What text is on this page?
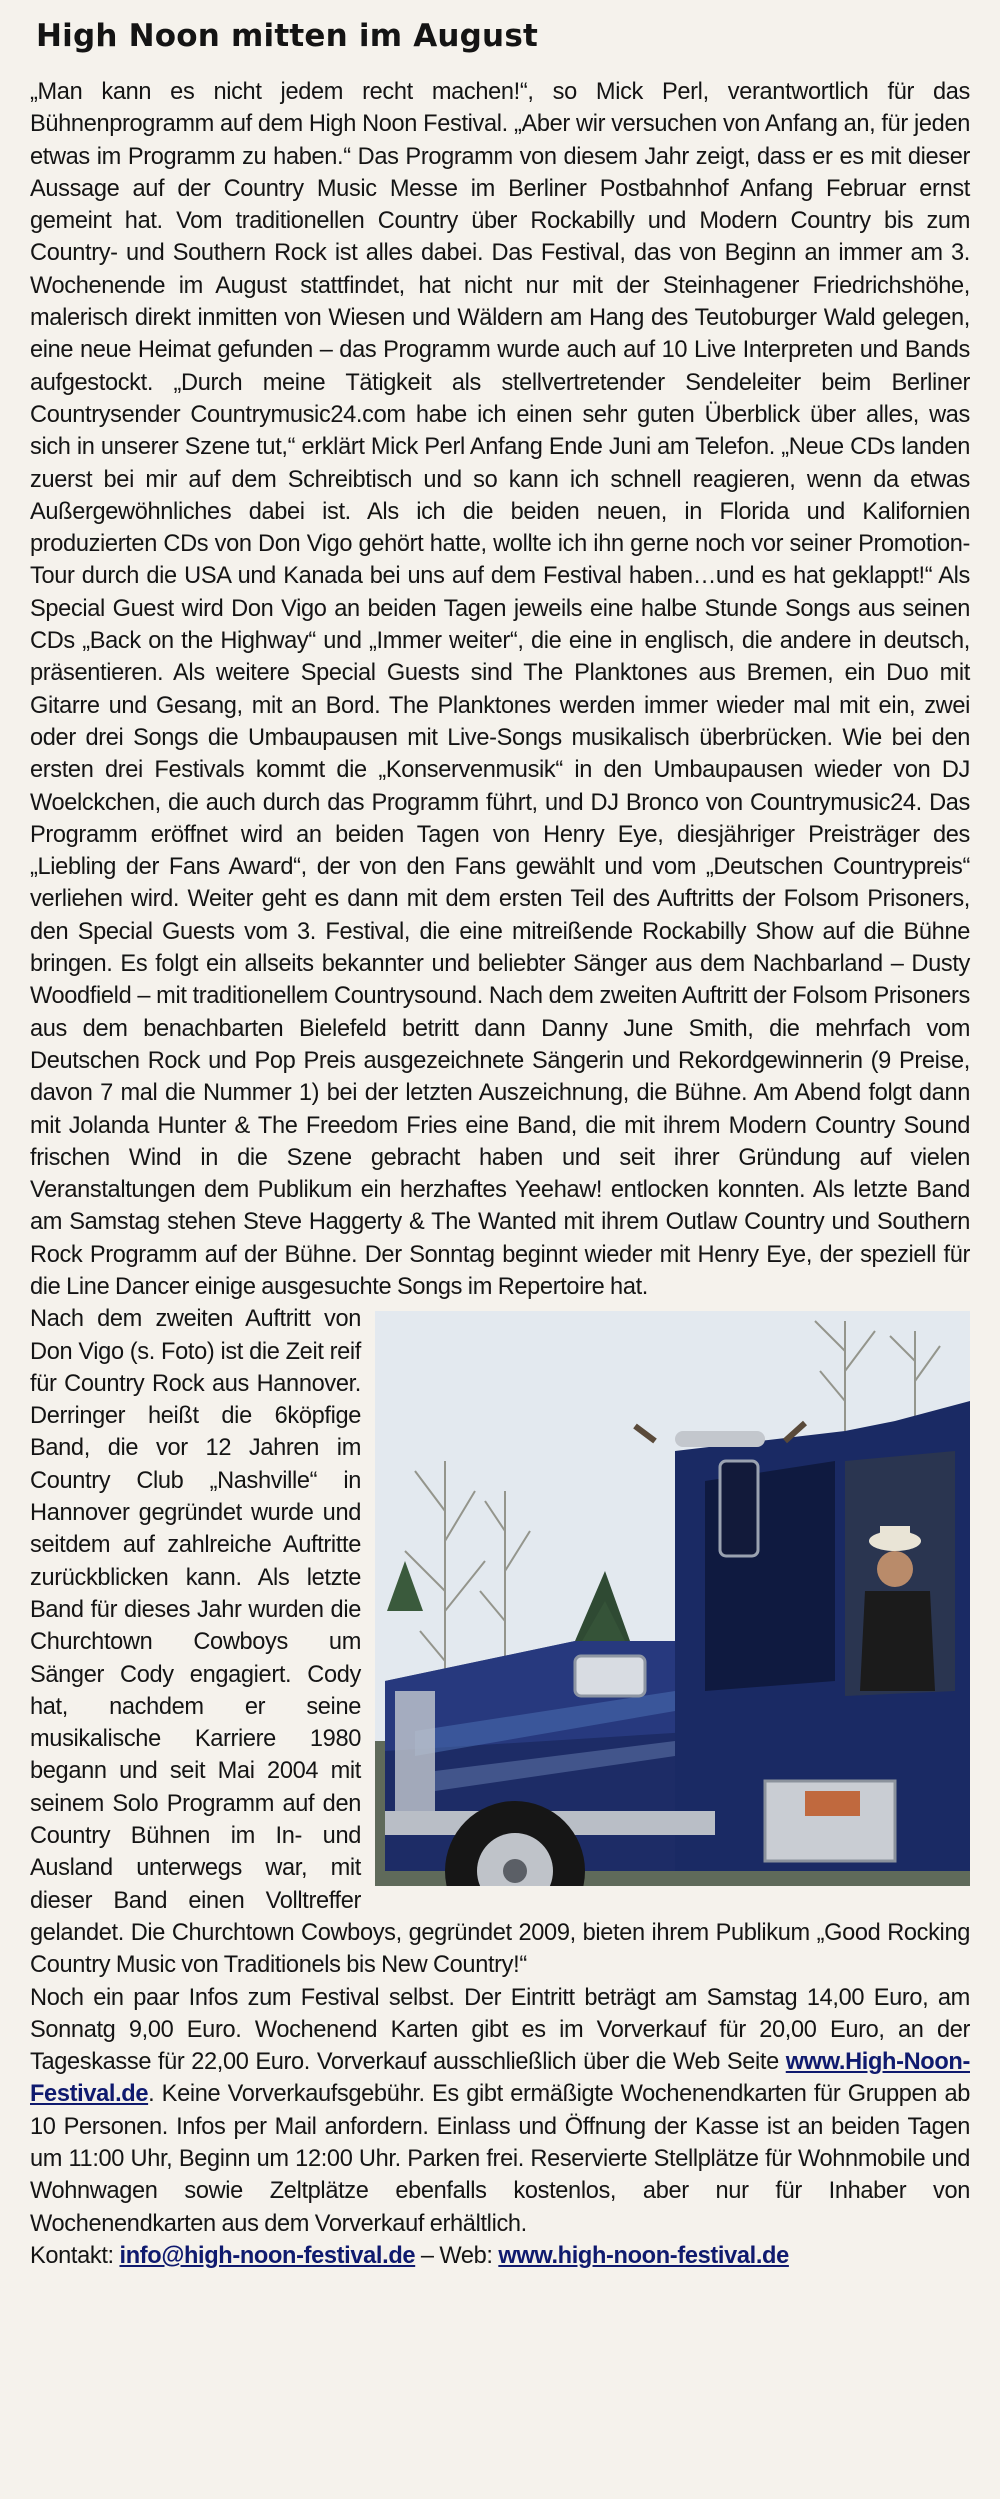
High Noon mitten im August

„Man kann es nicht jedem recht machen!“, so Mick Perl, verantwortlich für das Bühnenprogramm auf dem High Noon Festival. „Aber wir versuchen von Anfang an, für jeden etwas im Programm zu haben.“ Das Programm von diesem Jahr zeigt, dass er es mit dieser Aussage auf der Country Music Messe im Berliner Postbahnhof Anfang Februar ernst gemeint hat. Vom traditionellen Country über Rockabilly und Modern Country bis zum Country- und Southern Rock ist alles dabei. Das Festival, das von Beginn an immer am 3. Wochenende im August stattfindet, hat nicht nur mit der Steinhagener Friedrichshöhe, malerisch direkt inmitten von Wiesen und Wäldern am Hang des Teutoburger Wald gelegen, eine neue Heimat gefunden – das Programm wurde auch auf 10 Live Interpreten und Bands aufgestockt. „Durch meine Tätigkeit als stellvertretender Sendeleiter beim Berliner Countrysender Countrymusic24.com habe ich einen sehr guten Überblick über alles, was sich in unserer Szene tut,“ erklärt Mick Perl Anfang Ende Juni am Telefon. „Neue CDs landen zuerst bei mir auf dem Schreibtisch und so kann ich schnell reagieren, wenn da etwas Außergewöhnliches dabei ist. Als ich die beiden neuen, in Florida und Kalifornien produzierten CDs von Don Vigo gehört hatte, wollte ich ihn gerne noch vor seiner Promotion-Tour durch die USA und Kanada bei uns auf dem Festival haben…und es hat geklappt!“ Als Special Guest wird Don Vigo an beiden Tagen jeweils eine halbe Stunde Songs aus seinen CDs „Back on the Highway“ und „Immer weiter“, die eine in englisch, die andere in deutsch, präsentieren. Als weitere Special Guests sind The Planktones aus Bremen, ein Duo mit Gitarre und Gesang, mit an Bord. The Planktones werden immer wieder mal mit ein, zwei oder drei Songs die Umbaupausen mit Live-Songs musikalisch überbrücken. Wie bei den ersten drei Festivals kommt die „Konservenmusik“ in den Umbaupausen wieder von DJ Woelckchen, die auch durch das Programm führt, und DJ Bronco von Countrymusic24. Das Programm eröffnet wird an beiden Tagen von Henry Eye, diesjähriger Preisträger des „Liebling der Fans Award“, der von den Fans gewählt und vom „Deutschen Countrypreis“ verliehen wird. Weiter geht es dann mit dem ersten Teil des Auftritts der Folsom Prisoners, den Special Guests vom 3. Festival, die eine mitreißende Rockabilly Show auf die Bühne bringen. Es folgt ein allseits bekannter und beliebter Sänger aus dem Nachbarland – Dusty Woodfield – mit traditionellem Countrysound. Nach dem zweiten Auftritt der Folsom Prisoners aus dem benachbarten Bielefeld betritt dann Danny June Smith, die mehrfach vom Deutschen Rock und Pop Preis ausgezeichnete Sängerin und Rekordgewinnerin (9 Preise, davon 7 mal die Nummer 1) bei der letzten Auszeichnung, die Bühne. Am Abend folgt dann mit Jolanda Hunter & The Freedom Fries eine Band, die mit ihrem Modern Country Sound frischen Wind in die Szene gebracht haben und seit ihrer Gründung auf vielen Veranstaltungen dem Publikum ein herzhaftes Yeehaw! entlocken konnten. Als letzte Band am Samstag stehen Steve Haggerty & The Wanted mit ihrem Outlaw Country und Southern Rock Programm auf der Bühne. Der Sonntag beginnt wieder mit Henry Eye, der speziell für die Line Dancer einige ausgesuchte Songs im Repertoire hat.

Nach dem zweiten Auftritt von Don Vigo (s. Foto) ist die Zeit reif für Country Rock aus Hannover. Derringer heißt die 6köpfige Band, die vor 12 Jahren im Country Club „Nashville“ in Hannover gegründet wurde und seitdem auf zahlreiche Auftritte zurückblicken kann. Als letzte Band für dieses Jahr wurden die Churchtown Cowboys um Sänger Cody engagiert. Cody hat, nachdem er seine musikalische Karriere 1980 begann und seit Mai 2004 mit seinem Solo Programm auf den Country Bühnen im In- und Ausland unterwegs war, mit dieser Band einen Volltreffer gelandet. Die Churchtown Cowboys, gegründet 2009, bieten ihrem Publikum „Good Rocking Country Music von Traditionels bis New Country!“

Noch ein paar Infos zum Festival selbst. Der Eintritt beträgt am Samstag 14,00 Euro, am Sonnatg 9,00 Euro. Wochenend Karten gibt es im Vorverkauf für 20,00 Euro, an der Tageskasse für 22,00 Euro. Vorverkauf ausschließlich über die Web Seite www.High-Noon-Festival.de. Keine Vorverkaufsgebühr. Es gibt ermäßigte Wochenendkarten für Gruppen ab 10 Personen. Infos per Mail anfordern. Einlass und Öffnung der Kasse ist an beiden Tagen um 11:00 Uhr, Beginn um 12:00 Uhr. Parken frei. Reservierte Stellplätze für Wohnmobile und Wohnwagen sowie Zeltplätze ebenfalls kostenlos, aber nur für Inhaber von Wochenendkarten aus dem Vorverkauf erhältlich.

Kontakt: info@high-noon-festival.de – Web: www.high-noon-festival.de
